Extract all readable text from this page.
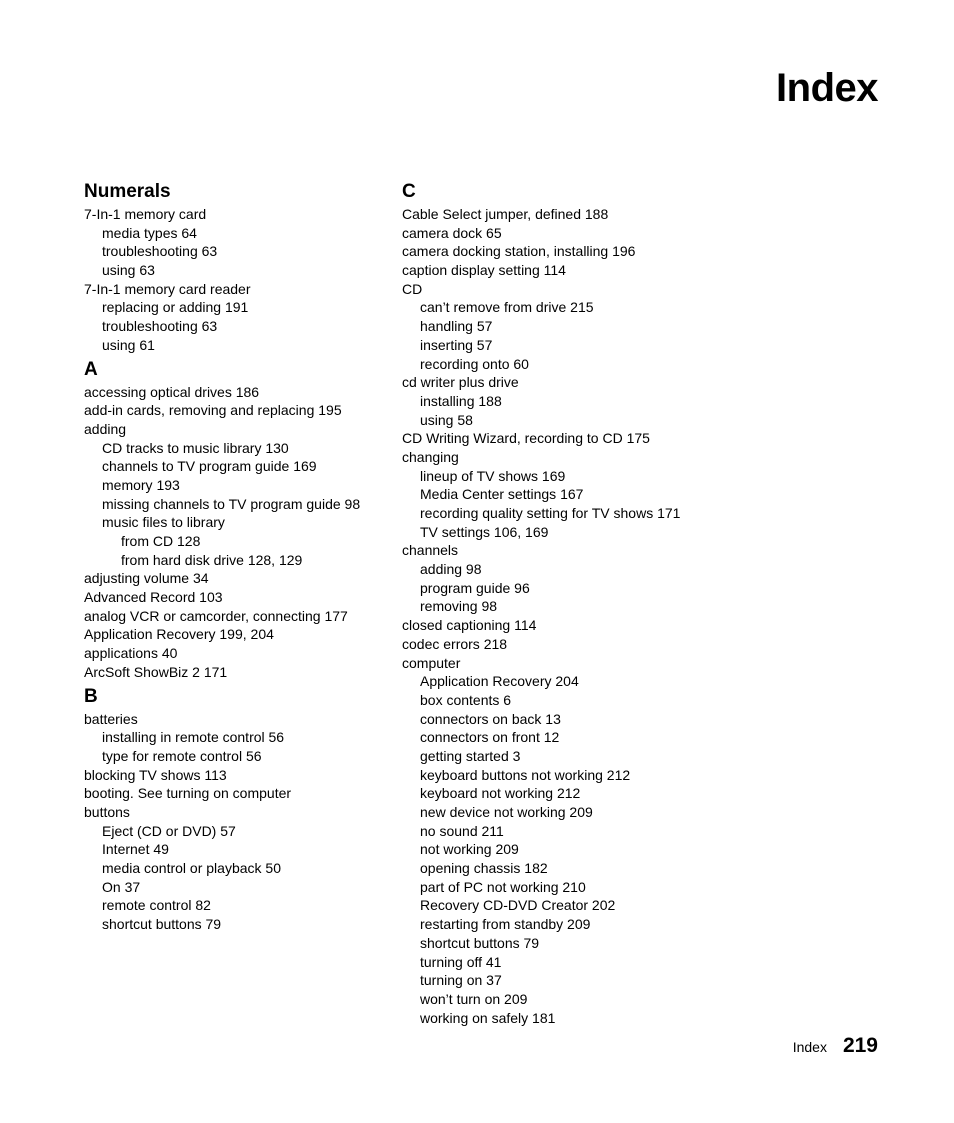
Index
Numerals
7-In-1 memory card
media types 64
troubleshooting 63
using 63
7-In-1 memory card reader
replacing or adding 191
troubleshooting 63
using 61
A
accessing optical drives 186
add-in cards, removing and replacing 195
adding
CD tracks to music library 130
channels to TV program guide 169
memory 193
missing channels to TV program guide 98
music files to library
from CD 128
from hard disk drive 128, 129
adjusting volume 34
Advanced Record 103
analog VCR or camcorder, connecting 177
Application Recovery 199, 204
applications 40
ArcSoft ShowBiz 2 171
B
batteries
installing in remote control 56
type for remote control 56
blocking TV shows 113
booting. See turning on computer
buttons
Eject (CD or DVD) 57
Internet 49
media control or playback 50
On 37
remote control 82
shortcut buttons 79
C
Cable Select jumper, defined 188
camera dock 65
camera docking station, installing 196
caption display setting 114
CD
can’t remove from drive 215
handling 57
inserting 57
recording onto 60
cd writer plus drive
installing 188
using 58
CD Writing Wizard, recording to CD 175
changing
lineup of TV shows 169
Media Center settings 167
recording quality setting for TV shows 171
TV settings 106, 169
channels
adding 98
program guide 96
removing 98
closed captioning 114
codec errors 218
computer
Application Recovery 204
box contents 6
connectors on back 13
connectors on front 12
getting started 3
keyboard buttons not working 212
keyboard not working 212
new device not working 209
no sound 211
not working 209
opening chassis 182
part of PC not working 210
Recovery CD-DVD Creator 202
restarting from standby 209
shortcut buttons 79
turning off 41
turning on 37
won’t turn on 209
working on safely 181
Index 219
